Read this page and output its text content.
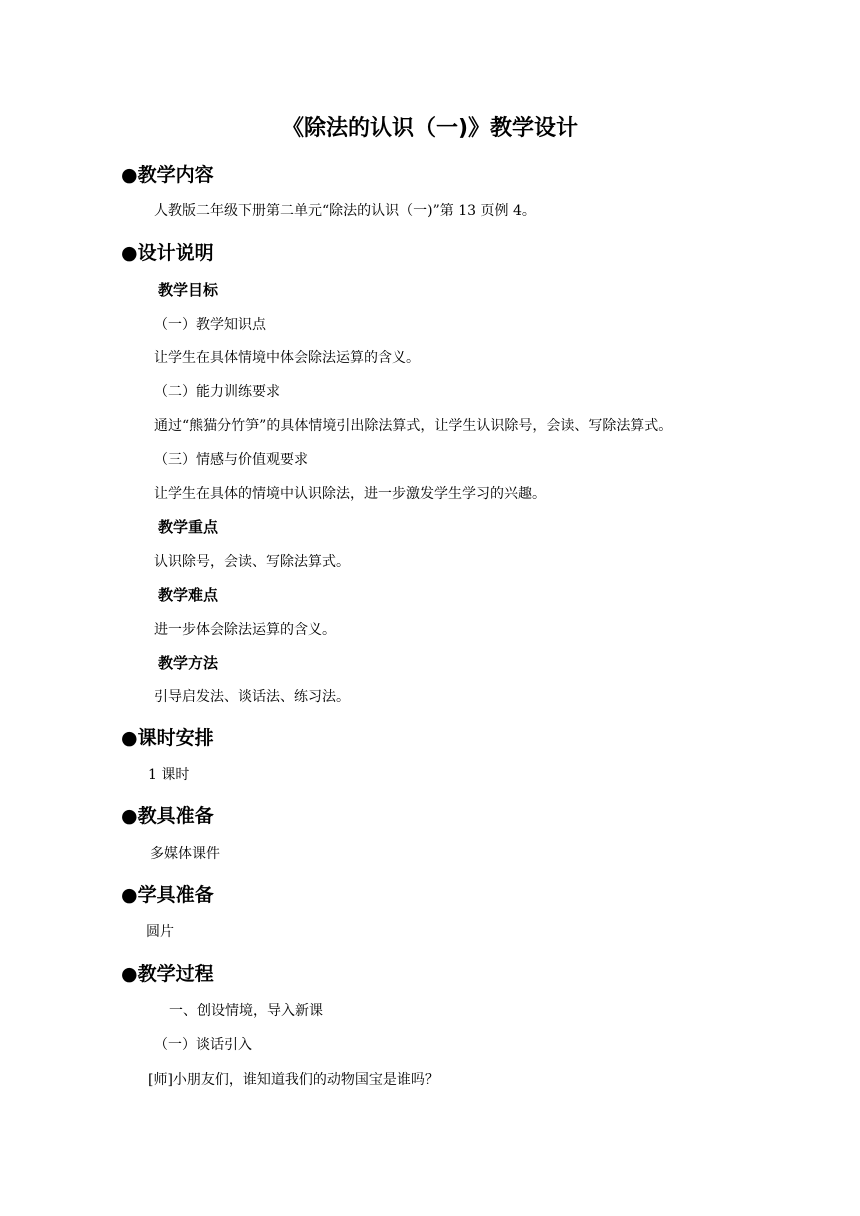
《除法的认识（一)》教学设计
●教学内容
人教版二年级下册第二单元“除法的认识（一)”第 13 页例 4。
●设计说明
教学目标
（一）教学知识点
让学生在具体情境中体会除法运算的含义。
（二）能力训练要求
通过“熊猫分竹笋”的具体情境引出除法算式，让学生认识除号，会读、写除法算式。
（三）情感与价值观要求
让学生在具体的情境中认识除法，进一步激发学生学习的兴趣。
教学重点
认识除号，会读、写除法算式。
教学难点
进一步体会除法运算的含义。
教学方法
引导启发法、谈话法、练习法。
●课时安排
1 课时
●教具准备
多媒体课件
●学具准备
圆片
●教学过程
一、创设情境，导入新课
（一）谈话引入
[师]小朋友们，谁知道我们的动物国宝是谁吗？
